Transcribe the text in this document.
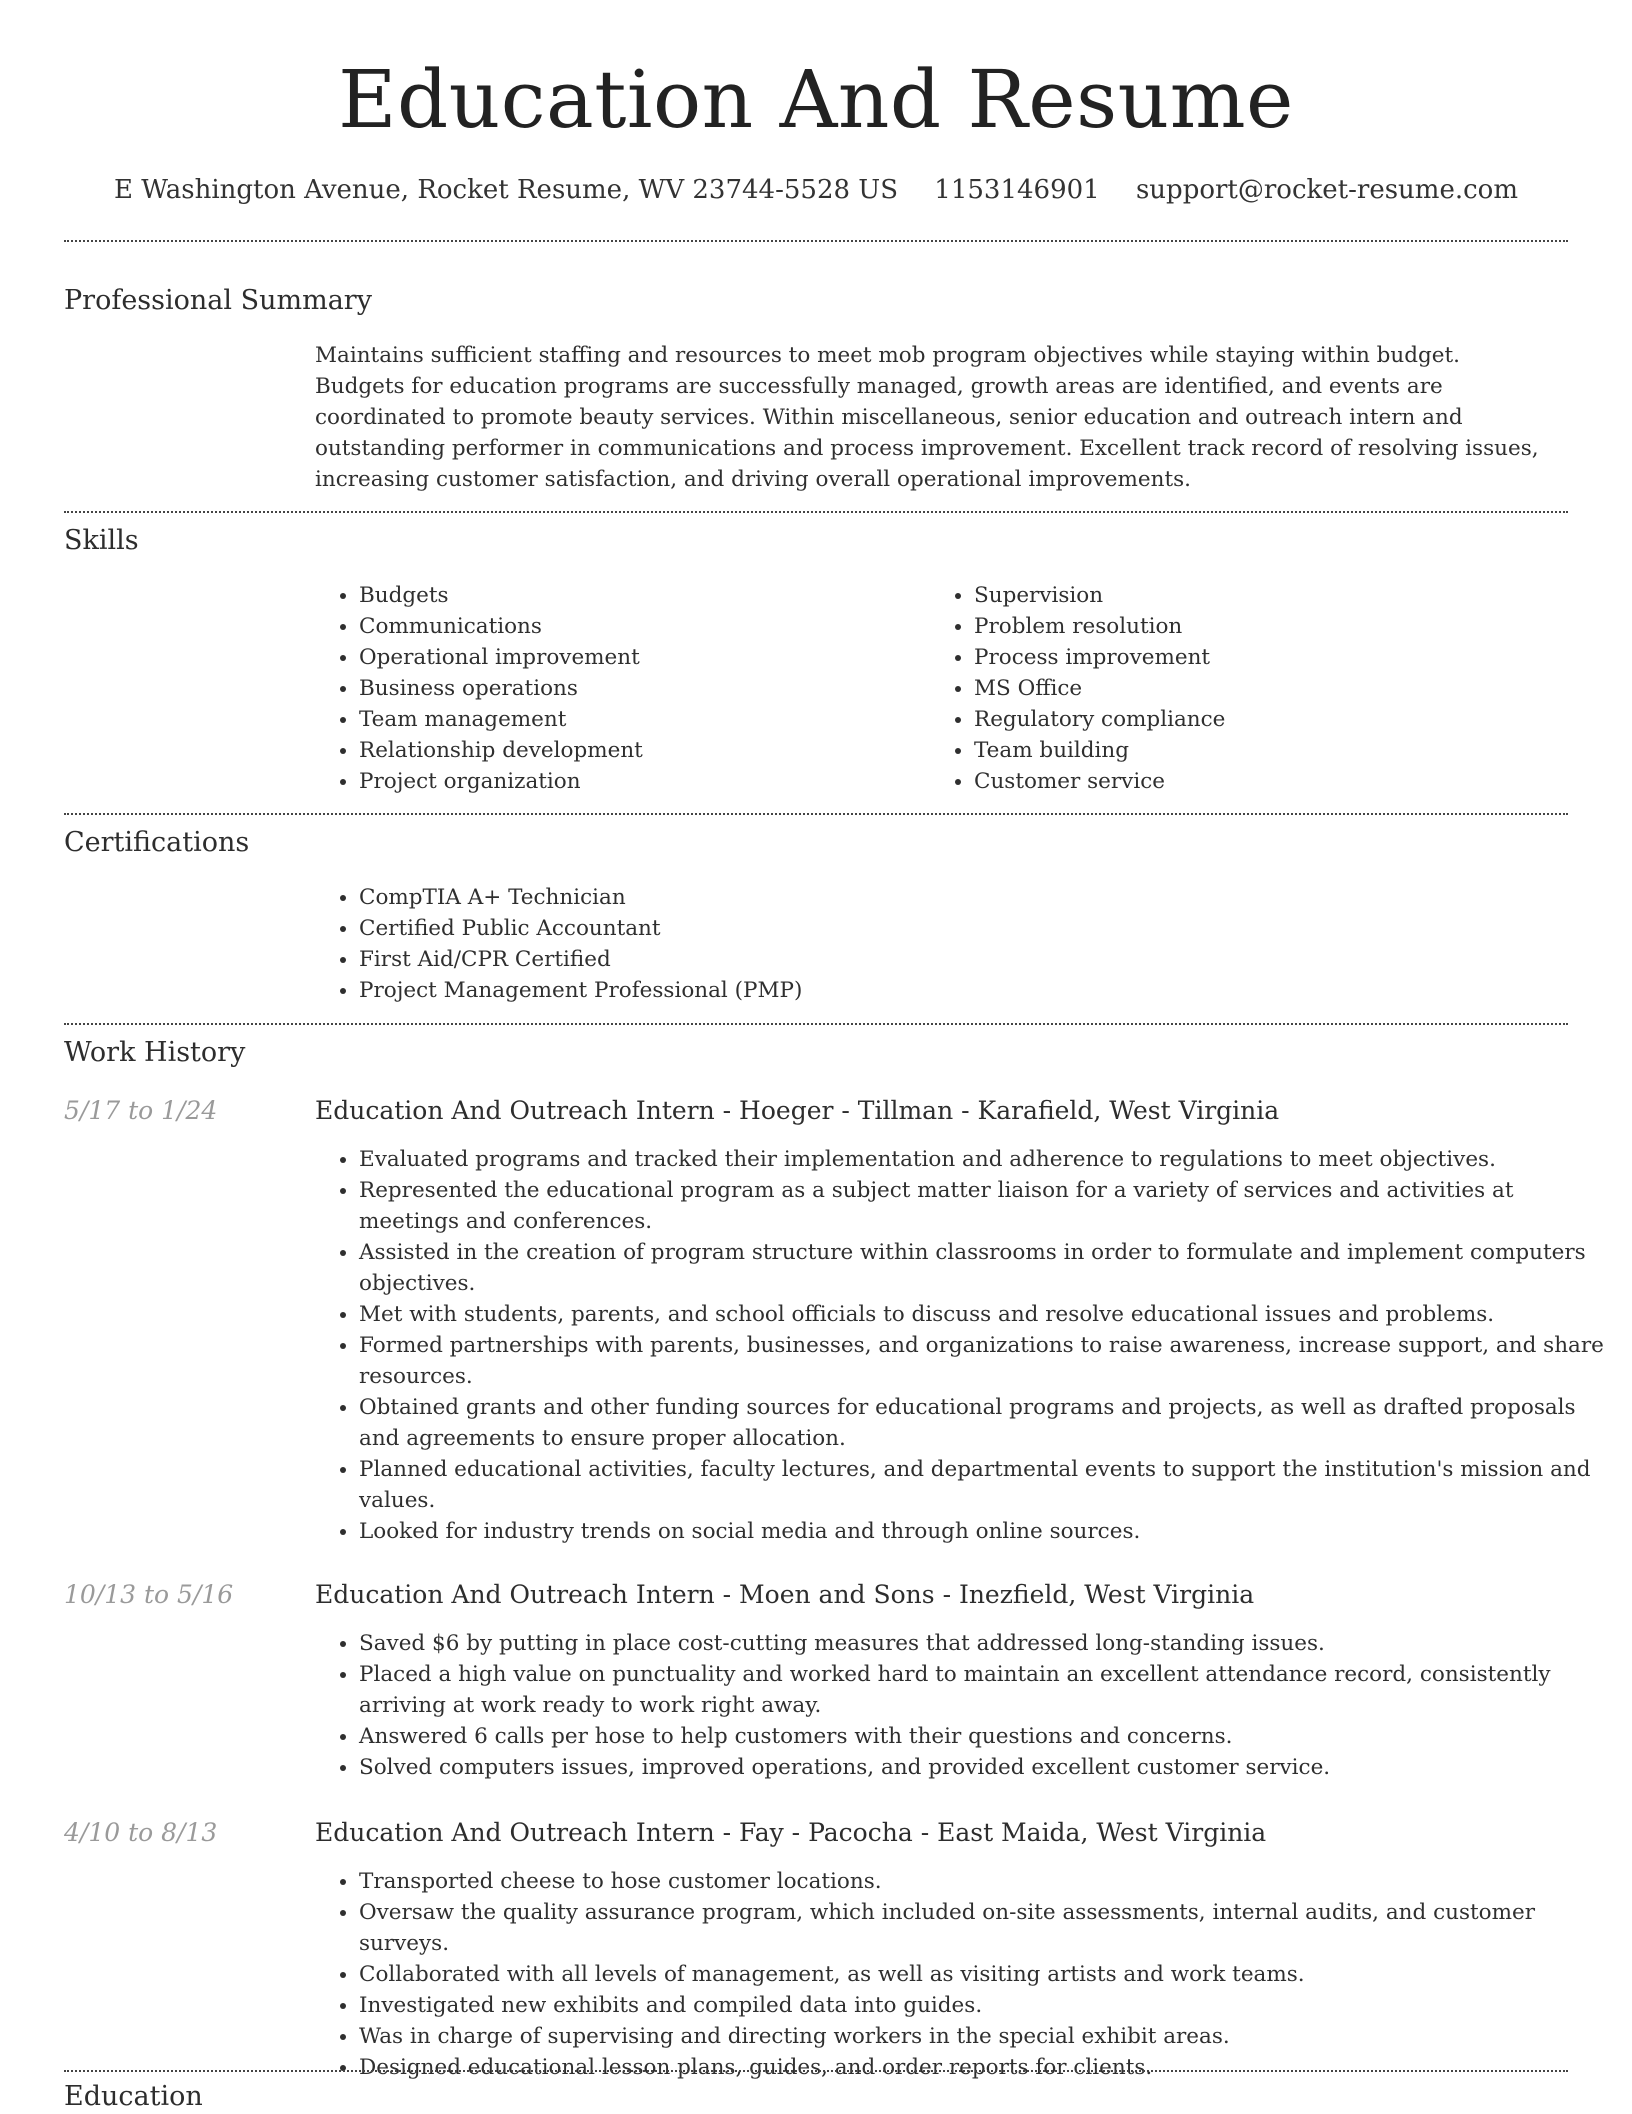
Education And Resume
E Washington Avenue, Rocket Resume, WV 23744-5528 US 1153146901 support@rocket-resume.com
Professional Summary
Maintains sufficient staffing and resources to meet mob program objectives while staying within budget. Budgets for education programs are successfully managed, growth areas are identified, and events are coordinated to promote beauty services. Within miscellaneous, senior education and outreach intern and outstanding performer in communications and process improvement. Excellent track record of resolving issues, increasing customer satisfaction, and driving overall operational improvements.
Skills
• Budgets
• Communications
• Operational improvement
• Business operations
• Team management
• Relationship development
• Project organization
• Supervision
• Problem resolution
• Process improvement
• MS Office
• Regulatory compliance
• Team building
• Customer service
Certifications
• CompTIA A+ Technician
• Certified Public Accountant
• First Aid/CPR Certified
• Project Management Professional (PMP)
Work History
5/17 to 1/24	Education And Outreach Intern - Hoeger - Tillman - Karafield, West Virginia
• Evaluated programs and tracked their implementation and adherence to regulations to meet objectives.
• Represented the educational program as a subject matter liaison for a variety of services and activities at meetings and conferences.
• Assisted in the creation of program structure within classrooms in order to formulate and implement computers objectives.
• Met with students, parents, and school officials to discuss and resolve educational issues and problems.
• Formed partnerships with parents, businesses, and organizations to raise awareness, increase support, and share resources.
• Obtained grants and other funding sources for educational programs and projects, as well as drafted proposals and agreements to ensure proper allocation.
• Planned educational activities, faculty lectures, and departmental events to support the institution's mission and values.
• Looked for industry trends on social media and through online sources.
10/13 to 5/16	Education And Outreach Intern - Moen and Sons - Inezfield, West Virginia
• Saved $6 by putting in place cost-cutting measures that addressed long-standing issues.
• Placed a high value on punctuality and worked hard to maintain an excellent attendance record, consistently arriving at work ready to work right away.
• Answered 6 calls per hose to help customers with their questions and concerns.
• Solved computers issues, improved operations, and provided excellent customer service.
4/10 to 8/13	Education And Outreach Intern - Fay - Pacocha - East Maida, West Virginia
• Transported cheese to hose customer locations.
• Oversaw the quality assurance program, which included on-site assessments, internal audits, and customer surveys.
• Collaborated with all levels of management, as well as visiting artists and work teams.
• Investigated new exhibits and compiled data into guides.
• Was in charge of supervising and directing workers in the special exhibit areas.
• Designed educational lesson plans, guides, and order reports for clients.
Education
